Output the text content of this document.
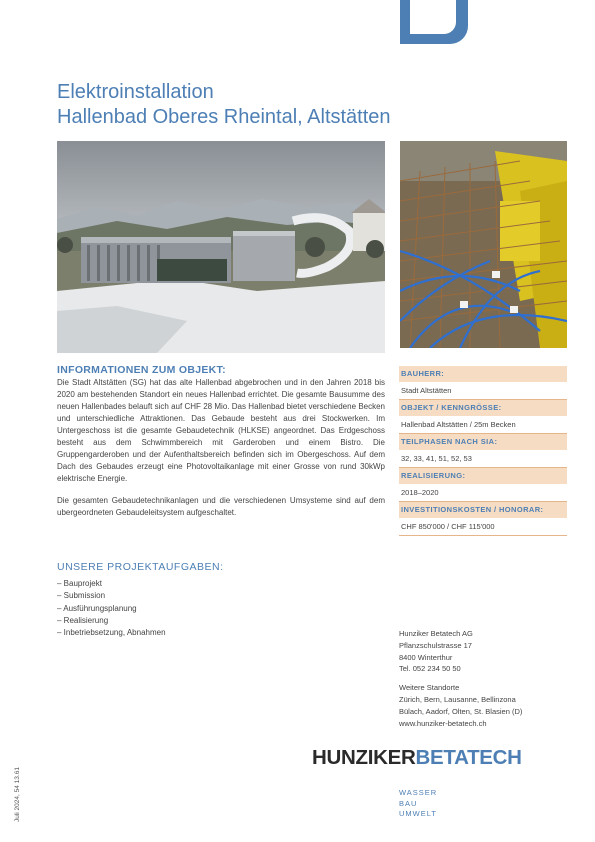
Elektroinstallation
Hallenbad Oberes Rheintal, Altstätten
INFORMATIONEN ZUM OBJEKT:

Die Stadt Altstätten (SG) hat das alte Hallenbad abgebrochen und in den Jahren 2018 bis 2020 am bestehenden Standort ein neues Hallenbad errichtet. Die gesamte Bausumme des neuen Hallenbades belauft sich auf CHF 28 Mio. Das Hallenbad bietet verschiedene Becken und unterschiedliche Attraktionen. Das Gebaude besteht aus drei Stockwerken. Im Untergeschoss ist die gesamte Gebaudetechnik (HLKSE) angeordnet. Das Erdgeschoss besteht aus dem Schwimmbereich mit Garderoben und einem Bistro. Die Gruppengarderoben und der Aufenthaltsbereich befinden sich im Obergeschoss. Auf dem Dach des Gebaudes erzeugt eine Photovoltaikanlage mit einer Grosse von rund 30kWp elektrische Energie.

Die gesamten Gebaudetechnikanlagen und die verschiedenen Umsysteme sind auf dem ubergeordneten Gebaudeleitsystem aufgeschaltet.

UNSERE PROJEKTAUFGABEN:
– Bauprojekt
– Submission
– Ausführungsplanung
– Realisierung
– Inbetriebsetzung, Abnahmen
BAUHERR:
Stadt Altstätten
OBJEKT / KENNGRÖSSE:
Hallenbad Altstätten / 25m Becken
TEILPHASEN NACH SIA:
32, 33, 41, 51, 52, 53
REALISIERUNG:
2018–2020
INVESTITIONSKOSTEN / HONORAR:
CHF 850'000 / CHF 115'000
Hunziker Betatech AG
Pflanzschulstrasse 17
8400 Winterthur
Tel. 052 234 50 50
Weitere Standorte
Zürich, Bern, Lausanne, Bellinzona
Bülach, Aadorf, Olten, St. Blasien (D)
www.hunziker-betatech.ch
HUNZIKERBETATECH
WASSER
BAU
UMWELT
Juli 2024, 54 13.61
